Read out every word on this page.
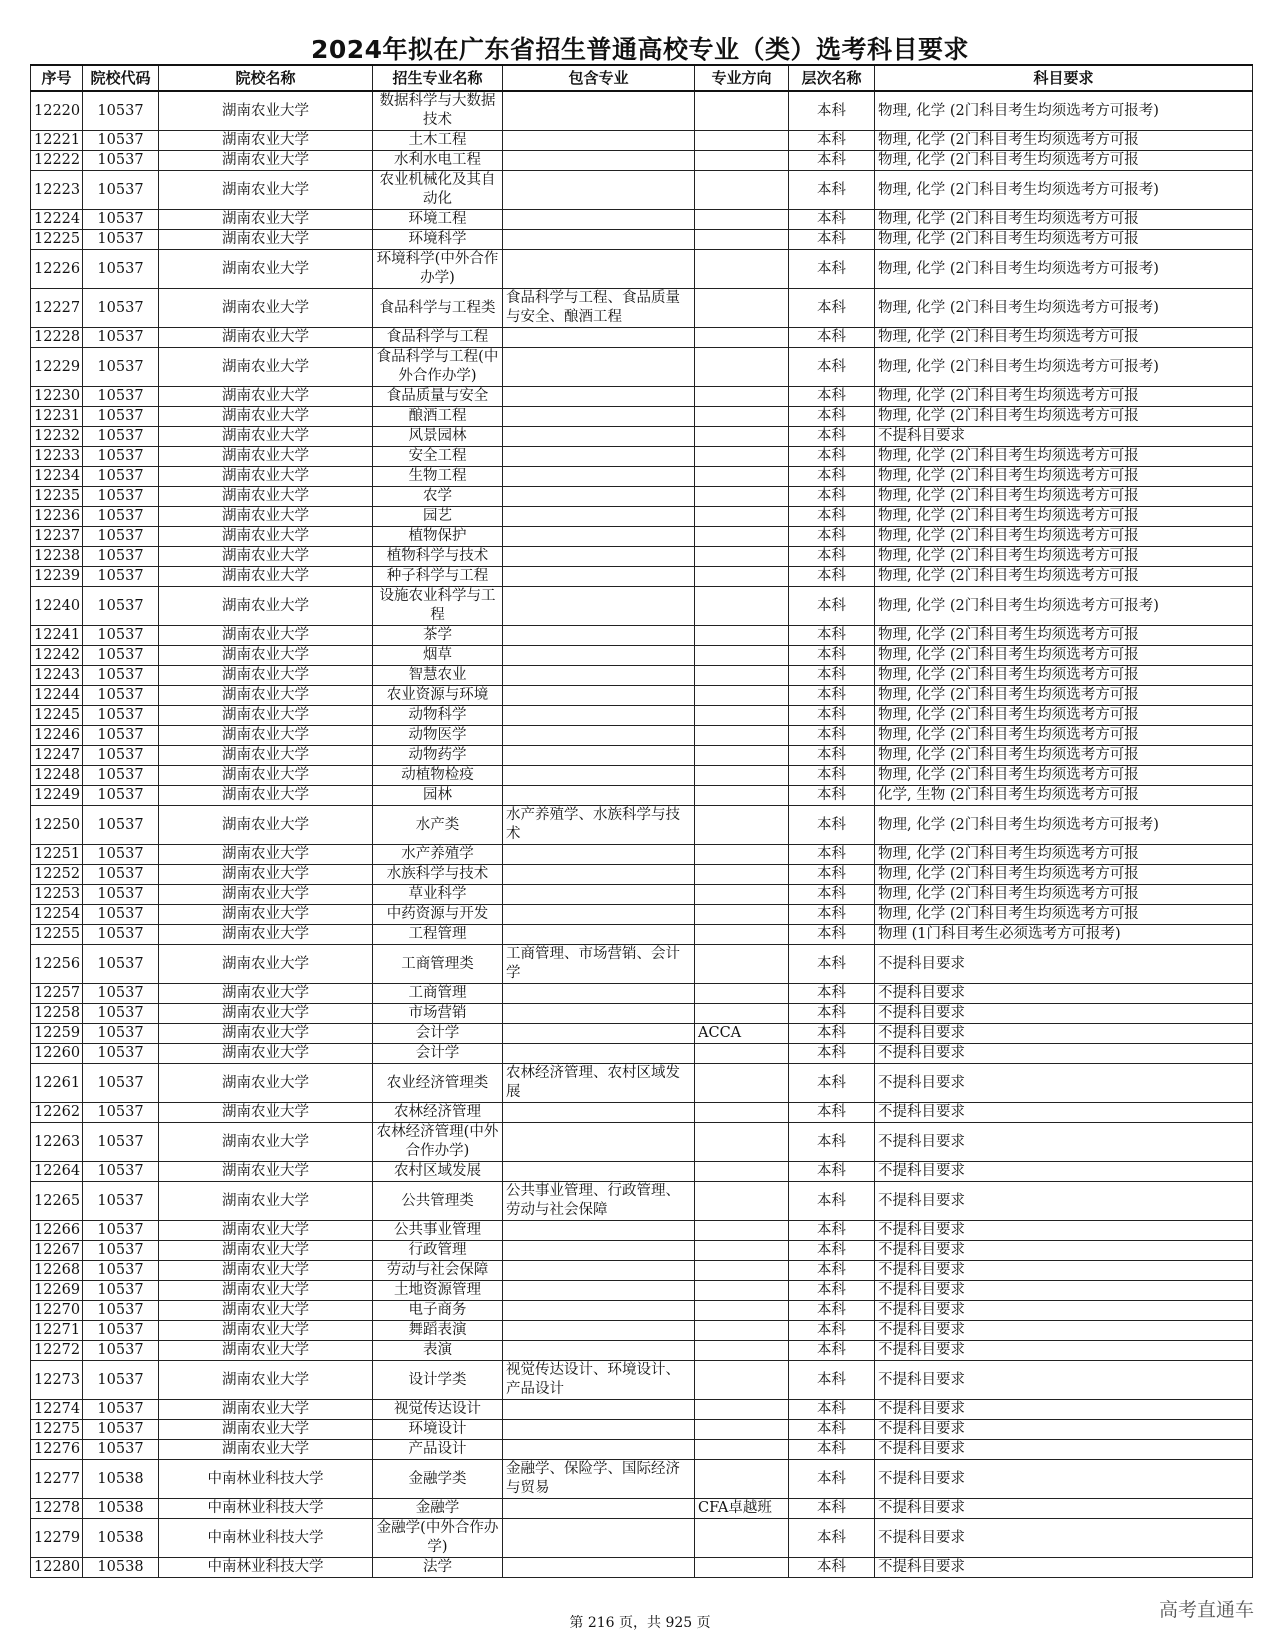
2024年拟在广东省招生普通高校专业（类）选考科目要求
序号	院校代码	院校名称	招生专业名称	包含专业	专业方向	层次名称	科目要求
12220	10537	湖南农业大学	数据科学与大数据技术			本科	物理, 化学 (2门科目考生均须选考方可报考)
12221	10537	湖南农业大学	土木工程			本科	物理, 化学 (2门科目考生均须选考方可报
12222	10537	湖南农业大学	水利水电工程			本科	物理, 化学 (2门科目考生均须选考方可报
12223	10537	湖南农业大学	农业机械化及其自动化			本科	物理, 化学 (2门科目考生均须选考方可报考)
12224	10537	湖南农业大学	环境工程			本科	物理, 化学 (2门科目考生均须选考方可报
12225	10537	湖南农业大学	环境科学			本科	物理, 化学 (2门科目考生均须选考方可报
12226	10537	湖南农业大学	环境科学(中外合作办学)			本科	物理, 化学 (2门科目考生均须选考方可报考)
12227	10537	湖南农业大学	食品科学与工程类	食品科学与工程、食品质量与安全、酿酒工程		本科	物理, 化学 (2门科目考生均须选考方可报考)
12228	10537	湖南农业大学	食品科学与工程			本科	物理, 化学 (2门科目考生均须选考方可报
12229	10537	湖南农业大学	食品科学与工程(中外合作办学)			本科	物理, 化学 (2门科目考生均须选考方可报考)
12230	10537	湖南农业大学	食品质量与安全			本科	物理, 化学 (2门科目考生均须选考方可报
12231	10537	湖南农业大学	酿酒工程			本科	物理, 化学 (2门科目考生均须选考方可报
12232	10537	湖南农业大学	风景园林			本科	不提科目要求
12233	10537	湖南农业大学	安全工程			本科	物理, 化学 (2门科目考生均须选考方可报
12234	10537	湖南农业大学	生物工程			本科	物理, 化学 (2门科目考生均须选考方可报
12235	10537	湖南农业大学	农学			本科	物理, 化学 (2门科目考生均须选考方可报
12236	10537	湖南农业大学	园艺			本科	物理, 化学 (2门科目考生均须选考方可报
12237	10537	湖南农业大学	植物保护			本科	物理, 化学 (2门科目考生均须选考方可报
12238	10537	湖南农业大学	植物科学与技术			本科	物理, 化学 (2门科目考生均须选考方可报
12239	10537	湖南农业大学	种子科学与工程			本科	物理, 化学 (2门科目考生均须选考方可报
12240	10537	湖南农业大学	设施农业科学与工程			本科	物理, 化学 (2门科目考生均须选考方可报考)
12241	10537	湖南农业大学	茶学			本科	物理, 化学 (2门科目考生均须选考方可报
12242	10537	湖南农业大学	烟草			本科	物理, 化学 (2门科目考生均须选考方可报
12243	10537	湖南农业大学	智慧农业			本科	物理, 化学 (2门科目考生均须选考方可报
12244	10537	湖南农业大学	农业资源与环境			本科	物理, 化学 (2门科目考生均须选考方可报
12245	10537	湖南农业大学	动物科学			本科	物理, 化学 (2门科目考生均须选考方可报
12246	10537	湖南农业大学	动物医学			本科	物理, 化学 (2门科目考生均须选考方可报
12247	10537	湖南农业大学	动物药学			本科	物理, 化学 (2门科目考生均须选考方可报
12248	10537	湖南农业大学	动植物检疫			本科	物理, 化学 (2门科目考生均须选考方可报
12249	10537	湖南农业大学	园林			本科	化学, 生物 (2门科目考生均须选考方可报
12250	10537	湖南农业大学	水产类	水产养殖学、水族科学与技术		本科	物理, 化学 (2门科目考生均须选考方可报考)
12251	10537	湖南农业大学	水产养殖学			本科	物理, 化学 (2门科目考生均须选考方可报
12252	10537	湖南农业大学	水族科学与技术			本科	物理, 化学 (2门科目考生均须选考方可报
12253	10537	湖南农业大学	草业科学			本科	物理, 化学 (2门科目考生均须选考方可报
12254	10537	湖南农业大学	中药资源与开发			本科	物理, 化学 (2门科目考生均须选考方可报
12255	10537	湖南农业大学	工程管理			本科	物理 (1门科目考生必须选考方可报考)
12256	10537	湖南农业大学	工商管理类	工商管理、市场营销、会计学		本科	不提科目要求
12257	10537	湖南农业大学	工商管理			本科	不提科目要求
12258	10537	湖南农业大学	市场营销			本科	不提科目要求
12259	10537	湖南农业大学	会计学		ACCA	本科	不提科目要求
12260	10537	湖南农业大学	会计学			本科	不提科目要求
12261	10537	湖南农业大学	农业经济管理类	农林经济管理、农村区域发展		本科	不提科目要求
12262	10537	湖南农业大学	农林经济管理			本科	不提科目要求
12263	10537	湖南农业大学	农林经济管理(中外合作办学)			本科	不提科目要求
12264	10537	湖南农业大学	农村区域发展			本科	不提科目要求
12265	10537	湖南农业大学	公共管理类	公共事业管理、行政管理、劳动与社会保障		本科	不提科目要求
12266	10537	湖南农业大学	公共事业管理			本科	不提科目要求
12267	10537	湖南农业大学	行政管理			本科	不提科目要求
12268	10537	湖南农业大学	劳动与社会保障			本科	不提科目要求
12269	10537	湖南农业大学	土地资源管理			本科	不提科目要求
12270	10537	湖南农业大学	电子商务			本科	不提科目要求
12271	10537	湖南农业大学	舞蹈表演			本科	不提科目要求
12272	10537	湖南农业大学	表演			本科	不提科目要求
12273	10537	湖南农业大学	设计学类	视觉传达设计、环境设计、产品设计		本科	不提科目要求
12274	10537	湖南农业大学	视觉传达设计			本科	不提科目要求
12275	10537	湖南农业大学	环境设计			本科	不提科目要求
12276	10537	湖南农业大学	产品设计			本科	不提科目要求
12277	10538	中南林业科技大学	金融学类	金融学、保险学、国际经济与贸易		本科	不提科目要求
12278	10538	中南林业科技大学	金融学		CFA卓越班	本科	不提科目要求
12279	10538	中南林业科技大学	金融学(中外合作办学)			本科	不提科目要求
12280	10538	中南林业科技大学	法学			本科	不提科目要求
第 216 页，共 925 页
高考直通车
